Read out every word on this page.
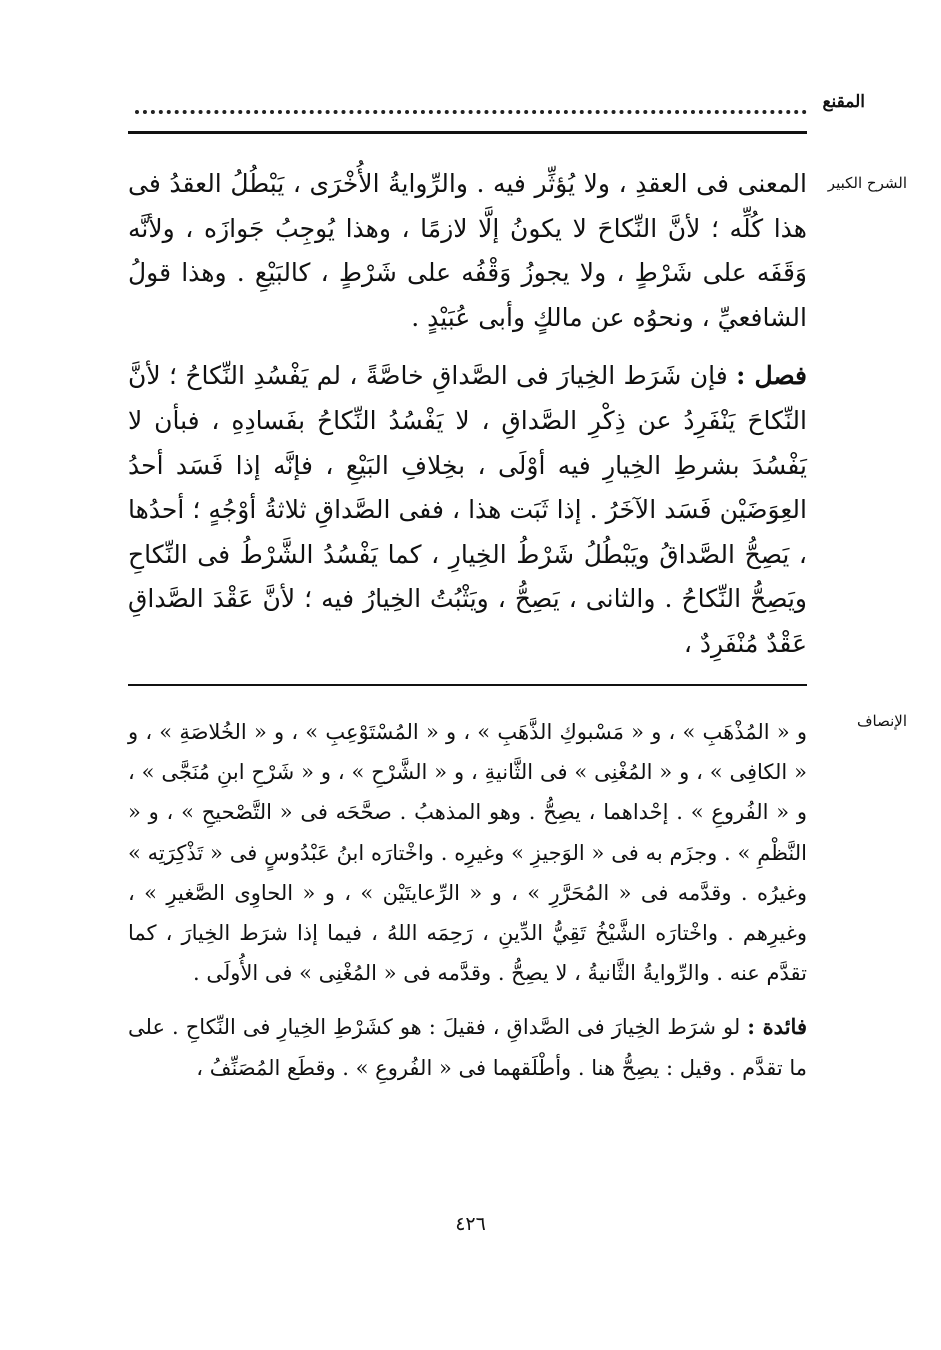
المقنع
الشرح الكبير

المعنى فى العقدِ ، ولا يُؤثِّر فيه . والرِّوايةُ الأُخْرَى ، يَبْطُلُ العقدُ فى هذا كُلِّه ؛ لأنَّ النِّكاحَ لا يكونُ إلَّا لازمًا ، وهذا يُوجِبُ جَوازَه ، ولأنَّه وَقَفَه على شَرْطٍ ، ولا يجوزُ وَقْفُه على شَرْطٍ ، كالبَيْعِ . وهذا قولُ الشافعيِّ ، ونحوُه عن مالكٍ وأبى عُبَيْدٍ .

فصل : فإن شَرَط الخِيارَ فى الصَّداقِ خاصَّةً ، لم يَفْسُدِ النِّكاحُ ؛ لأنَّ النِّكاحَ يَنْفَرِدُ عن ذِكْرِ الصَّداقِ ، لا يَفْسُدُ النِّكاحُ بفَسادِهِ ، فبأن لا يَفْسُدَ بشرطِ الخِيارِ فيه أوْلَى ، بخِلافِ البَيْعِ ، فإنَّه إذا فَسَد أحدُ العِوَضَيْن فَسَد الآخَرُ . إذا ثَبَت هذا ، ففى الصَّداقِ ثلاثةُ أوْجُهٍ ؛ أحدُها ، يَصِحُّ الصَّداقُ ويَبْطُلُ شَرْطُ الخِيارِ ، كما يَفْسُدُ الشَّرْطُ فى النِّكاحِ ويَصِحُّ النِّكاحُ . والثانى ، يَصِحُّ ، ويَثْبُتُ الخِيارُ فيه ؛ لأنَّ عَقْدَ الصَّداقِ عَقْدٌ مُنْفَرِدٌ ،

الإنصاف

و « المُذْهَبِ » ، و « مَسْبوكِ الذَّهَبِ » ، و « المُسْتَوْعِبِ » ، و « الخُلاصَةِ » ، و « الكافِى » ، و « المُغْنِى » فى الثَّانيةِ ، و « الشَّرْحِ » ، و « شَرْحِ ابنِ مُنَجَّى » ، و « الفُروعِ » . إحْداهما ، يصِحُّ . وهو المذهبُ . صحَّحَه فى « التَّصْحيحِ » ، و « النَّظْمِ » . وجزَم به فى « الوَجيزِ » وغيرِه . واخْتارَه ابنُ عَبْدُوسٍ فى « تَذْكِرَتِه » وغيرُه . وقدَّمه فى « المُحَرَّرِ » ، و « الرِّعايتَيْن » ، و « الحاوِى الصَّغيرِ » ، وغيرِهم . واخْتارَه الشَّيْخُ تَقِيُّ الدِّينِ ، رَحِمَه اللهُ ، فيما إذا شرَط الخِيارَ ، كما تقدَّم عنه . والرِّوايةُ الثَّانيةُ ، لا يصِحُّ . وقدَّمه فى « المُغْنِى » فى الأُولَى .

فائدة : لو شرَط الخِيارَ فى الصَّداقِ ، فقيلَ : هو كشَرْطِ الخِيارِ فى النِّكاحِ . على ما تقدَّم . وقيل : يصِحُّ هنا . وأطْلَقهما فى « الفُروعِ » . وقطَع المُصَنِّفُ ،

٤٢٦
